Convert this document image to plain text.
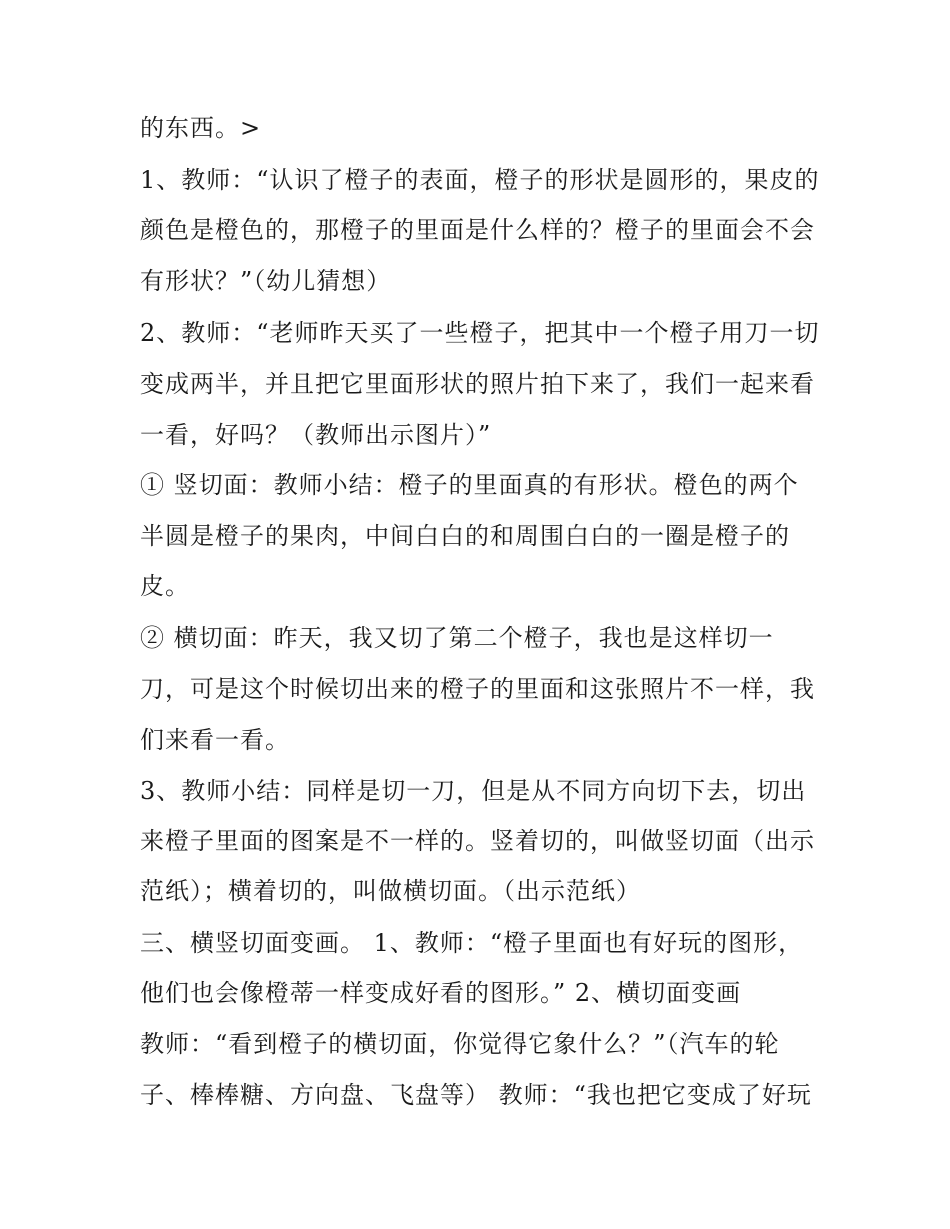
的东西。>
1、教师：“认识了橙子的表面，橙子的形状是圆形的，果皮的
颜色是橙色的，那橙子的里面是什么样的？橙子的里面会不会
有形状？”（幼儿猜想）
2、教师：“老师昨天买了一些橙子，把其中一个橙子用刀一切
变成两半，并且把它里面形状的照片拍下来了，我们一起来看
一看，好吗？（教师出示图片）”
① 竖切面：教师小结：橙子的里面真的有形状。橙色的两个
半圆是橙子的果肉，中间白白的和周围白白的一圈是橙子的
皮。
② 横切面：昨天，我又切了第二个橙子，我也是这样切一
刀，可是这个时候切出来的橙子的里面和这张照片不一样，我
们来看一看。
3、教师小结：同样是切一刀，但是从不同方向切下去，切出
来橙子里面的图案是不一样的。竖着切的，叫做竖切面（出示
范纸）；横着切的，叫做横切面。（出示范纸）
三、横竖切面变画。 1、教师：“橙子里面也有好玩的图形，
他们也会像橙蒂一样变成好看的图形。” 2、横切面变画
教师：“看到橙子的横切面，你觉得它象什么？”（汽车的轮
子、棒棒糖、方向盘、飞盘等） 教师：“我也把它变成了好玩
